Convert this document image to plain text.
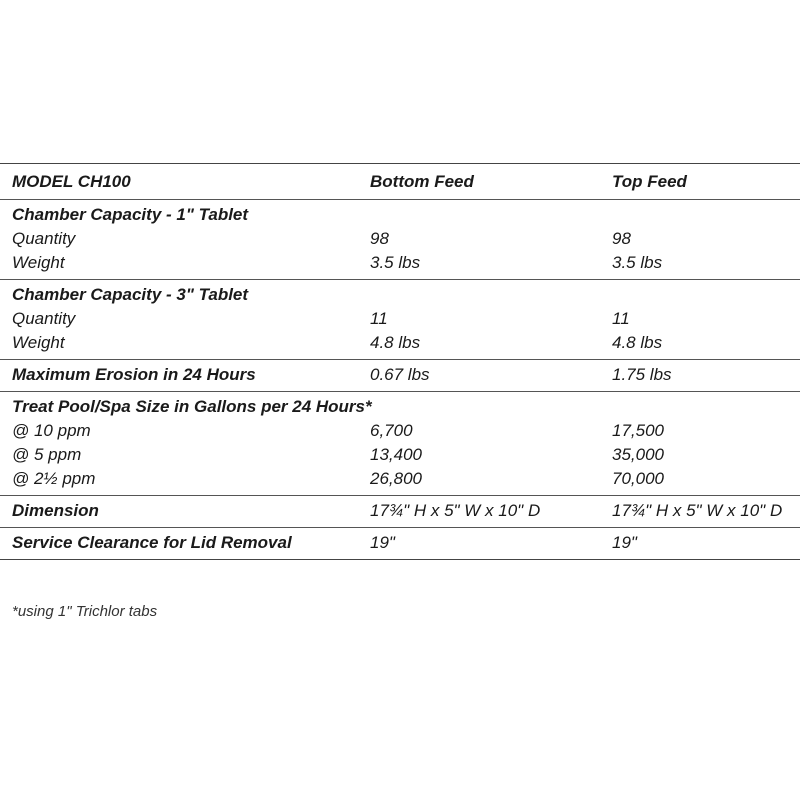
MODEL CH100	Bottom Feed	Top Feed
Chamber Capacity - 1" Tablet
Quantity	98	98
Weight	3.5 lbs	3.5 lbs
Chamber Capacity - 3" Tablet
Quantity	11	11
Weight	4.8 lbs	4.8 lbs
Maximum Erosion in 24 Hours	0.67 lbs	1.75 lbs
Treat Pool/Spa Size in Gallons per 24 Hours*
@ 10 ppm	6,700	17,500
@ 5 ppm	13,400	35,000
@ 2½ ppm	26,800	70,000
Dimension	17¾" H x 5" W x 10" D	17¾" H x 5" W x 10" D
Service Clearance for Lid Removal	19"	19"
*using 1" Trichlor tabs
